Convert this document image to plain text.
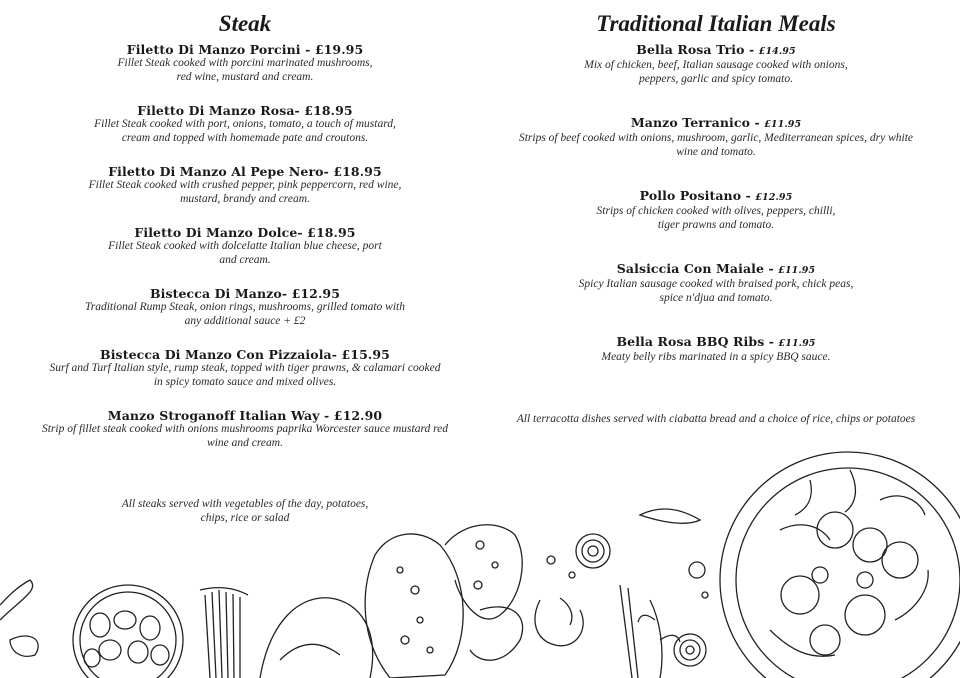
Steak
Filetto Di Manzo Porcini - £19.95
Fillet Steak cooked with porcini marinated mushrooms, red wine, mustard and cream.
Filetto Di Manzo Rosa- £18.95
Fillet Steak cooked with port, onions, tomato, a touch of mustard, cream and topped with homemade pate and croutons.
Filetto Di Manzo Al Pepe Nero- £18.95
Fillet Steak cooked with crushed pepper, pink peppercorn, red wine, mustard, brandy and cream.
Filetto Di Manzo Dolce- £18.95
Fillet Steak cooked with dolcelatte Italian blue cheese, port and cream.
Bistecca Di Manzo- £12.95
Traditional Rump Steak, onion rings, mushrooms, grilled tomato with any additional sauce + £2
Bistecca Di Manzo Con Pizzaiola- £15.95
Surf and Turf Italian style, rump steak, topped with tiger prawns, & calamari cooked in spicy tomato sauce and mixed olives.
Manzo Stroganoff Italian Way - £12.90
Strip of fillet steak cooked with onions mushrooms paprika Worcester sauce mustard red wine and cream.
All steaks served with vegetables of the day, potatoes, chips, rice or salad
Traditional Italian Meals
Bella Rosa Trio - £14.95
Mix of chicken, beef, Italian sausage cooked with onions, peppers, garlic and spicy tomato.
Manzo Terranico - £11.95
Strips of beef cooked with onions, mushroom, garlic, Mediterranean spices, dry white wine and tomato.
Pollo Positano - £12.95
Strips of chicken cooked with olives, peppers, chilli, tiger prawns and tomato.
Salsiccia Con Maiale - £11.95
Spicy Italian sausage cooked with braised pork, chick peas, spice n'djua and tomato.
Bella Rosa BBQ Ribs - £11.95
Meaty belly ribs marinated in a spicy BBQ sauce.
All terracotta dishes served with ciabatta bread and a choice of rice, chips or potatoes
